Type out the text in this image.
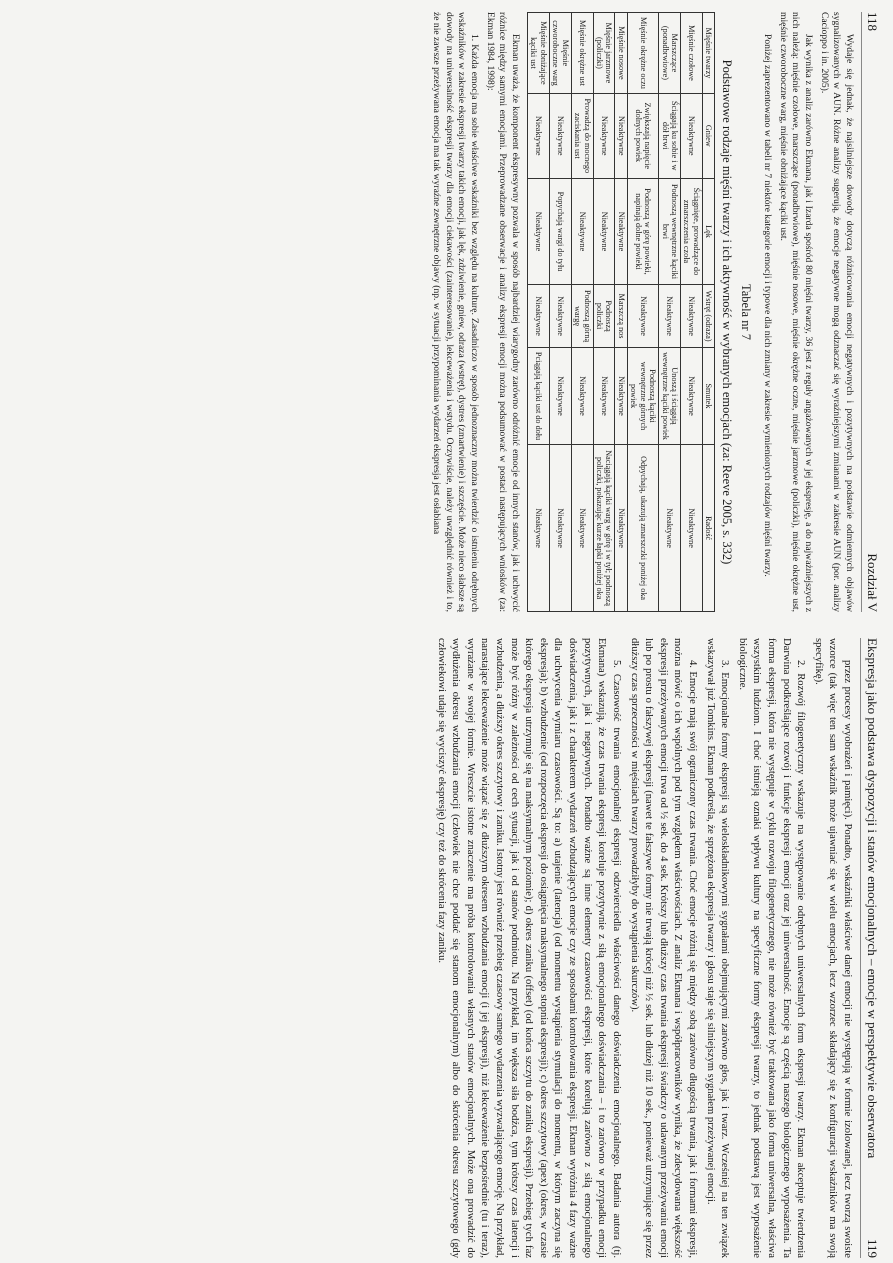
118
Rozdział V

Wydaje się jednak, że najsilniejsze dowody dotyczą różnicowania emocji negatywnych i pozytywnych na podstawie odmiennych objawów sygnalizowanych w AUN. Różne analizy sugerują, że emocje negatywne mogą odznaczać się wyraźniejszymi zmianami w zakresie AUN (por. analizy Cacioppo i in. 2005).

Jak wynika z analiz zarówno Ekmana, jak i Izarda spośród 80 mięśni twarzy, 36 jest z reguły angażowanych w jej ekspresję, a do najważniejszych z nich należą: mięśnie czołowe, marszczące (ponadbrwiowe), mięśnie nosowe, mięśnie okrężne oczne, mięśnie jarzmowe (policzki), mięśnie okrężne ust, mięśnie czworoboczne warg, mięśnie obniżające kąciki ust.

Poniżej zaprezentowano w tabeli nr 7 niektóre kategorie emocji i typowe dla nich zmiany w zakresie wymienionych rodzajów mięśni twarzy.

Tabela nr 7
Podstawowe rodzaje mięśni twarzy i ich aktywność w wybranych emocjach (za: Reeve 2005, s. 332)
Mięśnie twarzy	Gniew	Lęk	Wstręt (odraza)	Smutek	Radość
Mięśnie czołowe	Nieaktywne	Ściągnięte, prowadzące do zmarszczenia czoła	Nieaktywne	Nieaktywne	Nieaktywne
Marszczące (ponadbrwiowe)	Ściągają ku sobie i w dół brwi	Podnoszą wewnętrzne kąciki brwi	Nieaktywne	Unoszą i ściągają wewnętrzne kąciki powiek	Nieaktywne
Mięśnie okrężne oczu	Zwiększają napięcie dolnych powiek	Podnoszą w górę powieki, napinają dolne powieki	Nieaktywne	Podnoszą kąciki wewnętrzne górnych powiek	Odpychają, ukazują zmarszczki poniżej oka
Mięśnie nosowe	Nieaktywne	Nieaktywne	Marszczą nos	Nieaktywne	Nieaktywne
Mięśnie jarzmowe (policzki)	Nieaktywne	Nieaktywne	Podnoszą policzki	Nieaktywne	Naciągają kąciki warg w górę i w tył; podnoszą policzki, pokazując kurze łapki poniżej oka
Mięśnie okrężne ust	Prowadzą do mocnego zaciskania ust	Nieaktywne	Podnoszą górną wargę	Nieaktywne	Nieaktywne
Mięśnie czworoboczne warg	Nieaktywne	Popychają wargi do tyłu	Nieaktywne	Nieaktywne	Nieaktywne
Mięśnie obniżające kąciki ust	Nieaktywne	Nieaktywne	Nieaktywne	Pciągają kąciki ust do dołu	Nieaktywne

Ekman uważa, że komponent ekspresywny pozwala w sposób najbardziej wiarygodny zarówno odróżnić emocje od innych stanów, jak i uchwycić różnice między samymi emocjami. Przeprowadzane obserwacje i analizy ekspresji emocji można podsumować w postaci następujących wniosków (za: Ekman 1984, 1998):

1. Każda emocja ma sobie właściwe wskaźniki bez względu na kulturę. Zasadniczo w sposób jednoznaczny można twierdzić o istnieniu odrębnych wskaźników w zakresie ekspresji twarzy takich emocji, jak lęk, zdziwienie, gniew, odraza (wstręt), dystres (zmartwienie) i szczęście. Może nieco słabsze są dowody na uniwersalność ekspresji twarzy dla emocji ciekawości (zainteresowanie), lekceważenia i wstydu. Oczywiście, należy uwzględnić również i to, że nie zawsze przeżywana emocja ma tak wyraźne zewnętrzne objawy (np. w sytuacji przypominania wydarzeń ekspresja jest osłabiana

Ekspresja jako podstawa dyspozycji i stanów emocjonalnych – emocje w perspektywie obserwatora
119

przez procesy wyobrażeń i pamięci). Ponadto, wskaźniki właściwe danej emocji nie występują w formie izolowanej, lecz tworzą swoiste wzorce (tak więc ten sam wskaźnik może ujawniać się w wielu emocjach, lecz wzorzec składający się z konfiguracji wskaźników ma swoją specyfikę).

2. Rozwój filogenetyczny wskazuje na występowanie odrębnych uniwersalnych form ekspresji twarzy. Ekman akceptuje twierdzenia Darwina podkreślające rozwój i funkcje ekspresji emocji oraz jej uniwersalność. Emocje są częścią naszego biologicznego wyposażenia. Ta forma ekspresji, która nie występuje w cyklu rozwoju filogenetycznego, nie może również być traktowana jako forma uniwersalna, właściwa wszystkim ludziom. I choć istnieją oznaki wpływu kultury na specyficzne formy ekspresji twarzy, to jednak podstawą jest wyposażenie biologiczne.

3. Emocjonalne formy ekspresji są wieloskładnikowymi sygnałami obejmującymi zarówno głos, jak i twarz. Wcześniej na ten związek wskazywał już Tomkins. Ekman podkreśla, że sprzężona ekspresja twarzy i głosu staje się silniejszym sygnałem przeżywanej emocji.

4. Emocje mają swój ograniczony czas trwania. Choć emocje różnią się między sobą zarówno długością trwania, jak i formami ekspresji, można mówić o ich wspólnych pod tym względem właściwościach. Z analiz Ekmana i współpracowników wynika, że zdecydowana większość ekspresji przeżywanych emocji trwa od ½ sek. do 4 sek. Krótszy lub dłuższy czas trwania ekspresji świadczy o udawanym przeżywaniu emocji lub po prostu o fałszywej ekspresji (nawet te fałszywe formy nie trwają krócej niż ½ sek. lub dłużej niż 10 sek., ponieważ utrzymujące się przez dłuższy czas sprzeczności w mięśniach twarzy prowadziłyby do wystąpienia skurczów).

5. Czasowość trwania emocjonalnej ekspresji odzwierciedla właściwości danego doświadczenia emocjonalnego. Badania autora (tj. Ekmana) wskazują, że czas trwania ekspresji koreluje pozytywnie z siłą emocjonalnego doświadczania – i to zarówno w przypadku emocji pozytywnych, jak i negatywnych. Ponadto ważne są inne elementy czasowości ekspresji, które korelują zarówno z siłą emocjonalnego doświadczenia, jak i z charakterem wydarzeń wzbudzających emocje czy ze sposobami kontrolowania ekspresji. Ekman wyróżnia 4 fazy ważne dla uchwycenia wymiaru czasowości. Są to: a) utajenie (latencja) (od momentu wystąpienia stymulacji do momentu, w którym zaczyna się ekspresja); b) wzbudzenie (od rozpoczęcia ekspresji do osiągnięcia maksymalnego stopnia ekspresji); c) okres szczytowy (apex) (okres, w czasie którego ekspresja utrzymuje się na maksymalnym poziomie); d) okres zaniku (offset) (od końca szczytu do zaniku ekspresji). Przebieg tych faz może być różny w zależności od cech sytuacji, jak i od stanów podmiotu. Na przykład, im większa siła bodźca, tym krótszy czas latencji i wzbudzenia, a dłuższy okres szczytowy i zaniku. Istotny jest również przebieg czasowy samego wydarzenia wyzwalającego emocję. Na przykład, narastające lekceważenie może wiązać się z dłuższym okresem wzbudzania emocji (i jej ekspresji), niż lekceważenie bezpośrednie (tu i teraz), wyrażane w swojej formie. Wreszcie istotne znaczenie ma próba kontrolowania własnych stanów emocjonalnych. Może ona prowadzić do wydłużenia okresu wzbudzania emocji (człowiek nie chce poddać się stanom emocjonalnym) albo do skrócenia okresu szczytowego (gdy człowiekowi udaje się wyciszyć ekspresję) czy też do skrócenia fazy zaniku.
